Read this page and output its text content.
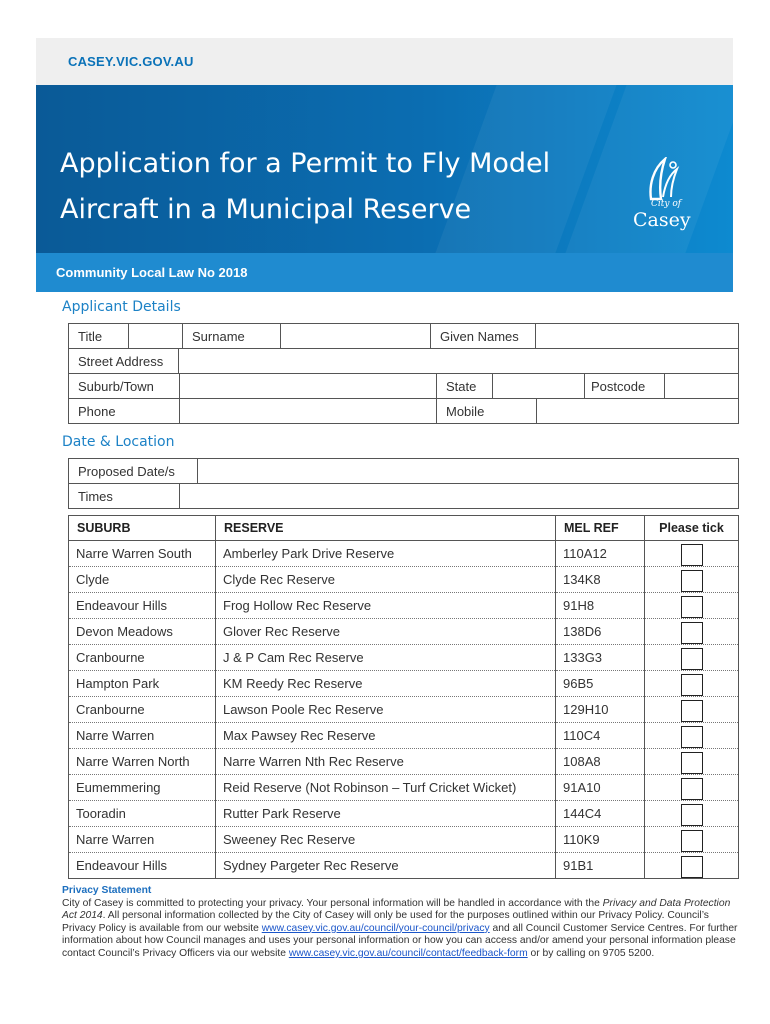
CASEY.VIC.GOV.AU
Application for a Permit to Fly Model
Aircraft in a Municipal Reserve	City of
Casey
Community Local Law No 2018
Applicant Details
Title		Surname		Given Names	
Street Address	
Suburb/Town		State		Postcode	
Phone		Mobile	
Date & Location
Proposed Date/s	
Times	
SUBURB	RESERVE	MEL REF	Please tick
Narre Warren South	Amberley Park Drive Reserve	110A12	
Clyde	Clyde Rec Reserve	134K8	
Endeavour Hills	Frog Hollow Rec Reserve	91H8	
Devon Meadows	Glover Rec Reserve	138D6	
Cranbourne	J & P Cam Rec Reserve	133G3	
Hampton Park	KM Reedy Rec Reserve	96B5	
Cranbourne	Lawson Poole Rec Reserve	129H10	
Narre Warren	Max Pawsey Rec Reserve	110C4	
Narre Warren North	Narre Warren Nth Rec Reserve	108A8	
Eumemmering	Reid Reserve (Not Robinson – Turf Cricket Wicket)	91A10	
Tooradin	Rutter Park Reserve	144C4	
Narre Warren	Sweeney Rec Reserve	110K9	
Endeavour Hills	Sydney Pargeter Rec Reserve	91B1	
Privacy Statement
City of Casey is committed to protecting your privacy. Your personal information will be handled in accordance with the Privacy and Data Protection Act 2014. All personal information collected by the City of Casey will only be used for the purposes outlined within our Privacy Policy. Council’s Privacy Policy is available from our website www.casey.vic.gov.au/council/your-council/privacy and all Council Customer Service Centres. For further information about how Council manages and uses your personal information or how you can access and/or amend your personal information please contact Council’s Privacy Officers via our website www.casey.vic.gov.au/council/contact/feedback-form or by calling on 9705 5200.
